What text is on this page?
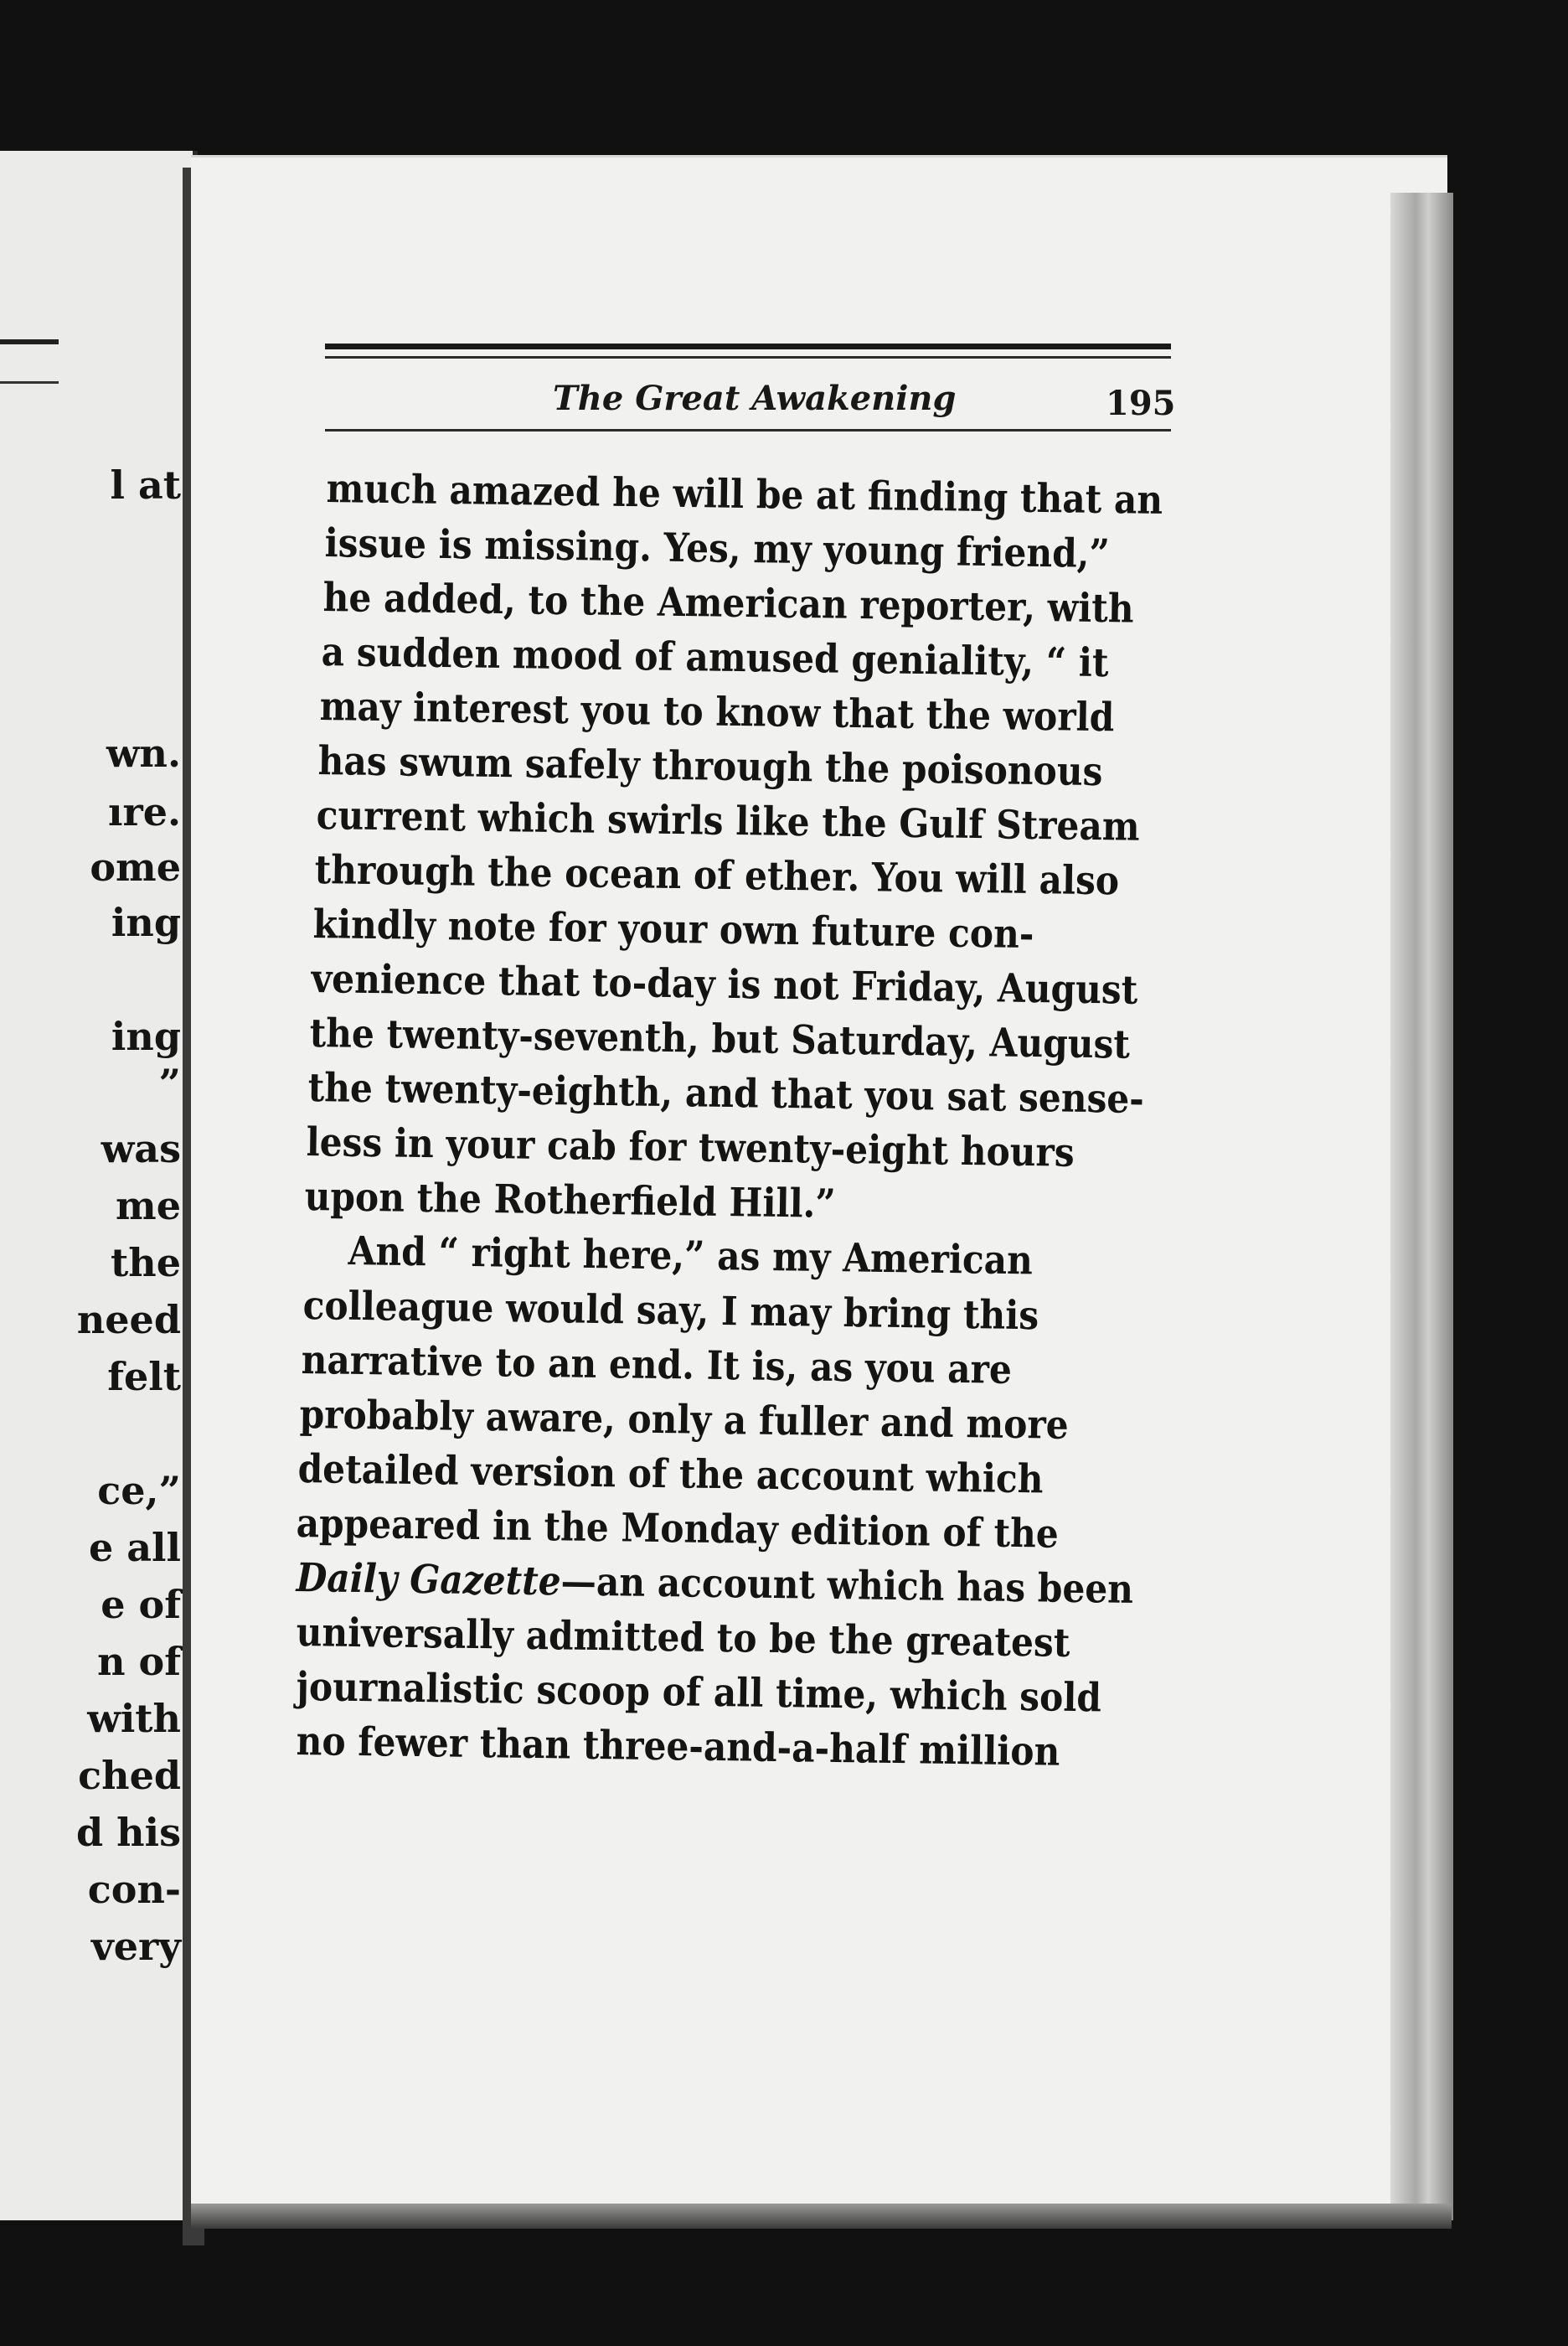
l at
wn.
ıre.
ome
ing
ing
”
was
me
the
need
felt
ce,”
e all
e of
n of
with
ched
d his
con-
very
The Great Awakening	195
much amazed he will be at finding that an
issue is missing. Yes, my young friend,”
he added, to the American reporter, with
a sudden mood of amused geniality, “ it
may interest you to know that the world
has swum safely through the poisonous
current which swirls like the Gulf Stream
through the ocean of ether. You will also
kindly note for your own future con-
venience that to-day is not Friday, August
the twenty-seventh, but Saturday, August
the twenty-eighth, and that you sat sense-
less in your cab for twenty-eight hours
upon the Rotherfield Hill.”
And “ right here,” as my American
colleague would say, I may bring this
narrative to an end. It is, as you are
probably aware, only a fuller and more
detailed version of the account which
appeared in the Monday edition of the
Daily Gazette—an account which has been
universally admitted to be the greatest
journalistic scoop of all time, which sold
no fewer than three-and-a-half million
